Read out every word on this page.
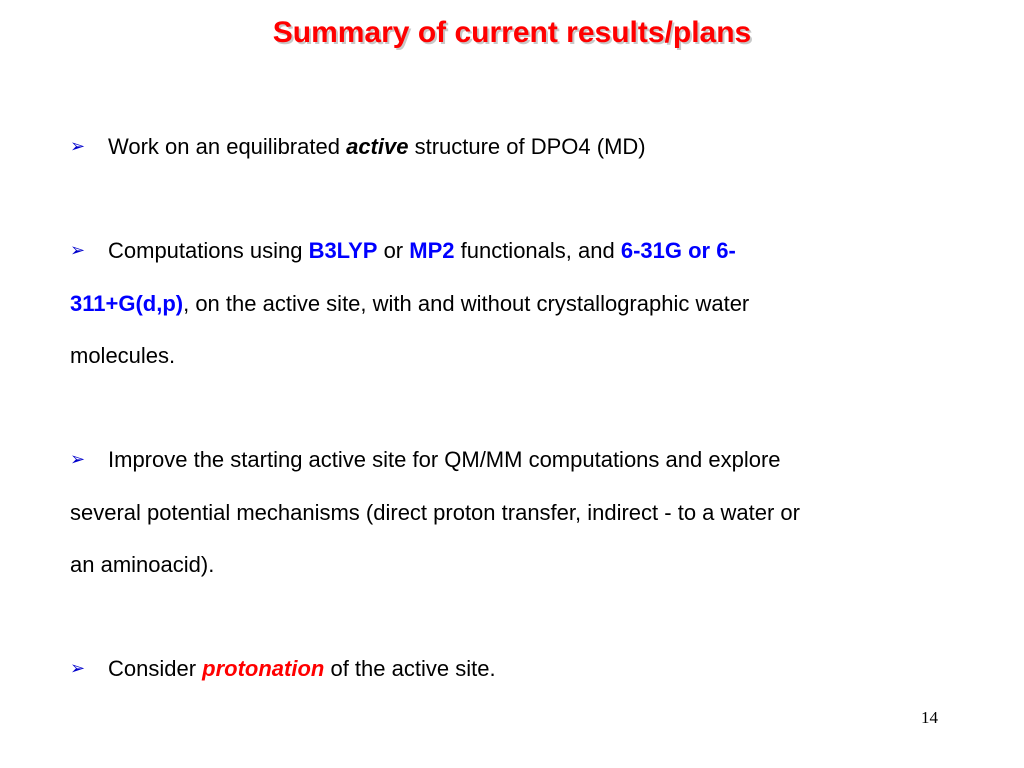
Summary of current results/plans
➢ Work on an equilibrated active structure of DPO4 (MD)
➢ Computations using B3LYP or MP2 functionals, and 6-31G or 6-
311+G(d,p), on the active site, with and without crystallographic water
molecules.
➢ Improve the starting active site for QM/MM computations and explore
several potential mechanisms (direct proton transfer, indirect - to a water or
an aminoacid).
➢ Consider protonation of the active site.
14
